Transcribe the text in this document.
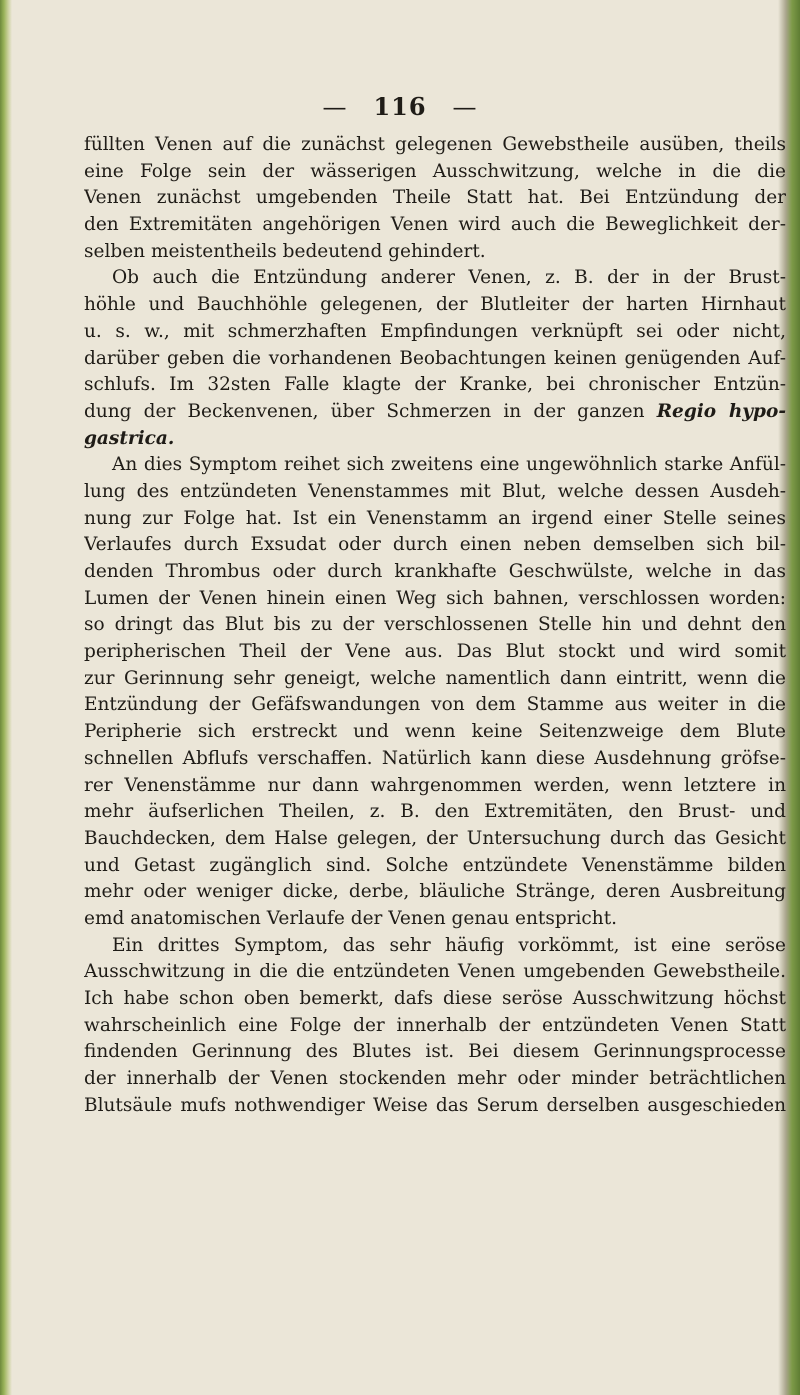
— 116 —
füllten Venen auf die zunächst gelegenen Gewebstheile ausüben, theils
eine Folge sein der wässerigen Ausschwitzung, welche in die die
Venen zunächst umgebenden Theile Statt hat. Bei Entzündung der
den Extremitäten angehörigen Venen wird auch die Beweglichkeit der-
selben meistentheils bedeutend gehindert.
Ob auch die Entzündung anderer Venen, z. B. der in der Brust-
höhle und Bauchhöhle gelegenen, der Blutleiter der harten Hirnhaut
u. s. w., mit schmerzhaften Empfindungen verknüpft sei oder nicht,
darüber geben die vorhandenen Beobachtungen keinen genügenden Auf-
schlufs. Im 32sten Falle klagte der Kranke, bei chronischer Entzün-
dung der Beckenvenen, über Schmerzen in der ganzen Regio hypo-
gastrica.
An dies Symptom reihet sich zweitens eine ungewöhnlich starke Anfül-
lung des entzündeten Venenstammes mit Blut, welche dessen Ausdeh-
nung zur Folge hat. Ist ein Venenstamm an irgend einer Stelle seines
Verlaufes durch Exsudat oder durch einen neben demselben sich bil-
denden Thrombus oder durch krankhafte Geschwülste, welche in das
Lumen der Venen hinein einen Weg sich bahnen, verschlossen worden:
so dringt das Blut bis zu der verschlossenen Stelle hin und dehnt den
peripherischen Theil der Vene aus. Das Blut stockt und wird somit
zur Gerinnung sehr geneigt, welche namentlich dann eintritt, wenn die
Entzündung der Gefäfswandungen von dem Stamme aus weiter in die
Peripherie sich erstreckt und wenn keine Seitenzweige dem Blute
schnellen Abflufs verschaffen. Natürlich kann diese Ausdehnung gröfse-
rer Venenstämme nur dann wahrgenommen werden, wenn letztere in
mehr äufserlichen Theilen, z. B. den Extremitäten, den Brust- und
Bauchdecken, dem Halse gelegen, der Untersuchung durch das Gesicht
und Getast zugänglich sind. Solche entzündete Venenstämme bilden
mehr oder weniger dicke, derbe, bläuliche Stränge, deren Ausbreitung
emd anatomischen Verlaufe der Venen genau entspricht.
Ein drittes Symptom, das sehr häufig vorkömmt, ist eine seröse
Ausschwitzung in die die entzündeten Venen umgebenden Gewebstheile.
Ich habe schon oben bemerkt, dafs diese seröse Ausschwitzung höchst
wahrscheinlich eine Folge der innerhalb der entzündeten Venen Statt
findenden Gerinnung des Blutes ist. Bei diesem Gerinnungsprocesse
der innerhalb der Venen stockenden mehr oder minder beträchtlichen
Blutsäule mufs nothwendiger Weise das Serum derselben ausgeschieden
